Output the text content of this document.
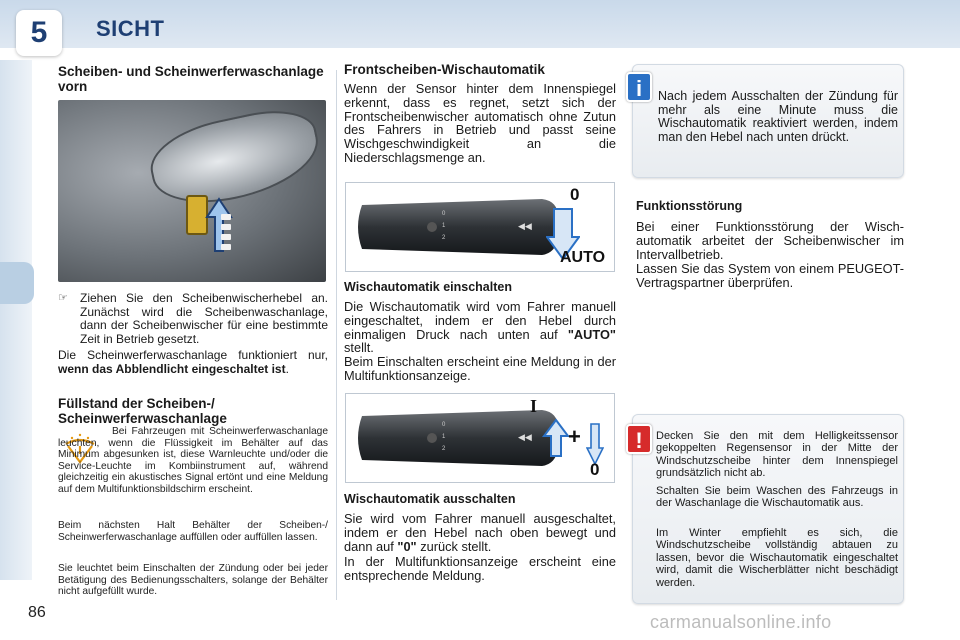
5 SICHT
86
Scheiben- und Scheinwerferwaschanlage vorn
☞	Ziehen Sie den Scheibenwischerhebel an. Zunächst wird die Scheibenwaschanlage, dann der Scheibenwischer für eine bestimmte Zeit in Betrieb gesetzt.
Die Scheinwerferwaschanlage funktioniert nur, wenn das Abblendlicht eingeschaltet ist.
Füllstand der Scheiben-/ Scheinwerferwaschanlage
Bei Fahrzeugen mit Scheinwerferwaschanlage leuchten, wenn die Flüssigkeit im Behälter auf das Minimum abgesunken ist, diese Warnleuchte und/oder die Service-Leuchte im Kombiinstrument auf, während gleichzeitig ein akustisches Signal ertönt und eine Meldung auf dem Multifunktionsbildschirm erscheint.
Beim nächsten Halt Behälter der Scheiben-/ Scheinwerferwaschanlage auffüllen oder auffüllen lassen.
Sie leuchtet beim Einschalten der Zündung oder bei jeder Betätigung des Bedienungsschalters, solange der Behälter nicht aufgefüllt wurde.
Frontscheiben-Wischautomatik
Wenn der Sensor hinter dem Innenspiegel erkennt, dass es regnet, setzt sich der Frontscheibenwischer automatisch ohne Zutun des Fahrers in Betrieb und passt seine Wischgeschwindigkeit an die Niederschlagsmenge an.
0
1
2
◀◀
0
AUTO
Wischautomatik einschalten
Die Wischautomatik wird vom Fahrer manuell eingeschaltet, indem er den Hebel durch einmaligen Druck nach unten auf "AUTO" stellt.
Beim Einschalten erscheint eine Meldung in der Multifunktionsanzeige.
0
1
2
◀◀ +
I
0
Wischautomatik ausschalten
Sie wird vom Fahrer manuell ausgeschaltet, indem er den Hebel nach oben bewegt und dann auf "0" zurück stellt.
In der Multifunktionsanzeige erscheint eine entsprechende Meldung.
i	Nach jedem Ausschalten der Zündung für mehr als eine Minute muss die Wischautomatik reaktiviert werden, indem man den Hebel nach unten drückt.
Funktionsstörung
Bei einer Funktionsstörung der Wischautomatik arbeitet der Scheibenwischer im Intervallbetrieb.
Lassen Sie das System von einem PEUGEOT-Vertragspartner überprüfen.
!	Decken Sie den mit dem Helligkeitssensor gekoppelten Regensensor in der Mitte der Windschutzscheibe hinter dem Innenspiegel grundsätzlich nicht ab.
Schalten Sie beim Waschen des Fahrzeugs in der Waschanlage die Wischautomatik aus.
Im Winter empfiehlt es sich, die Windschutzscheibe vollständig abtauen zu lassen, bevor die Wischautomatik eingeschaltet wird, damit die Wischerblätter nicht beschädigt werden.
carmanualsonline.info
